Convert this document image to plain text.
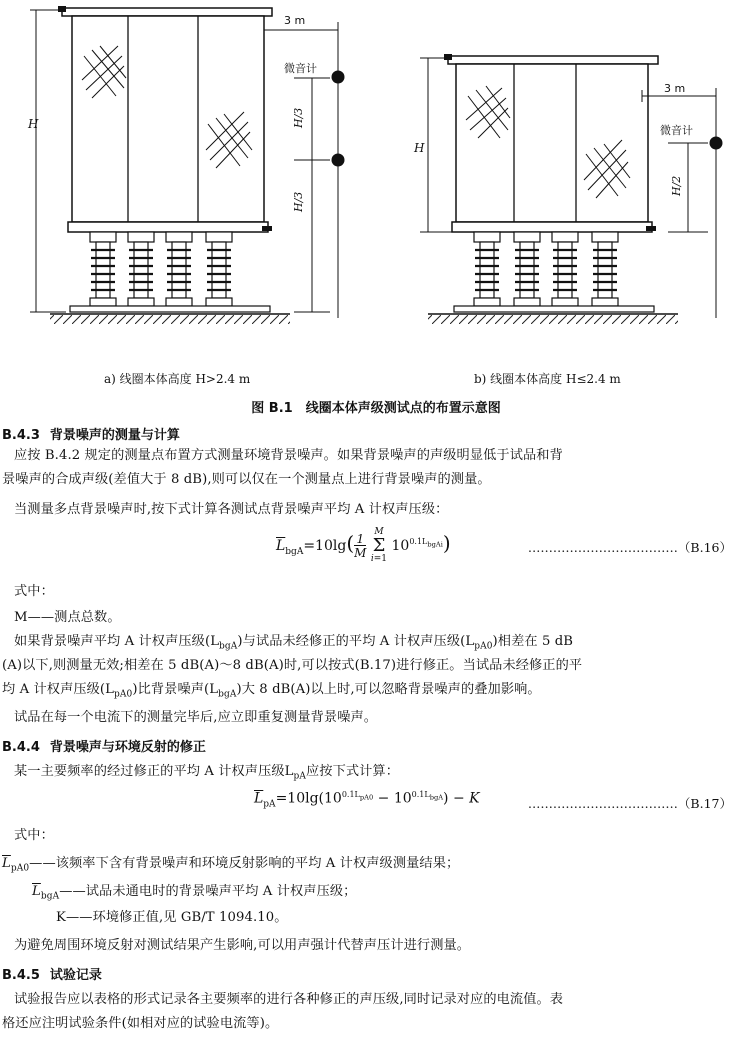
H
3 m
微音计
H/3
H/3
H
3 m
微音计
H/2
a) 线圈本体高度 H>2.4 m	b) 线圈本体高度 H≤2.4 m
图 B.1　线圈本体声级测试点的布置示意图
B.4.3 背景噪声的测量与计算
应按 B.4.2 规定的测量点布置方式测量环境背景噪声。如果背景噪声的声级明显低于试品和背
景噪声的合成声级(差值大于 8 dB),则可以仅在一个测量点上进行背景噪声的测量。
当测量多点背景噪声时,按下式计算各测试点背景噪声平均 A 计权声压级：
$\overline{L}_{bgA}=10\lg(\frac{1}{M}$ M
Σ
i=1 $10^{0.1L_{bgAi}}$)	………………………………（B.16）
式中：
M——测点总数。
如果背景噪声平均 A 计权声压级$(L_{bgA})$与试品未经修正的平均 A 计权声压级$(L_{pA0})$相差在 5 dB
(A)以下,则测量无效;相差在 5 dB(A)～8 dB(A)时,可以按式(B.17)进行修正。当试品未经修正的平
均 A 计权声压级$(L_{pA0})$比背景噪声$(L_{bgA})$大 8 dB(A)以上时,可以忽略背景噪声的叠加影响。
试品在每一个电流下的测量完毕后,应立即重复测量背景噪声。
B.4.4 背景噪声与环境反射的修正
某一主要频率的经过修正的平均 A 计权声压级$L_{pA}$应按下式计算：
$\overline{L}_{pA}=10\lg(10^{0.1L_{pA0}} - 10^{0.1L_{bgA}}) - K$	………………………………（B.17）
式中：
$\overline{L}_{pA0}——$该频率下含有背景噪声和环境反射影响的平均 A 计权声级测量结果；
$\overline{L}_{bgA}——$试品未通电时的背景噪声平均 A 计权声压级；
K——环境修正值,见 GB/T 1094.10。
为避免周围环境反射对测试结果产生影响,可以用声强计代替声压计进行测量。
B.4.5 试验记录
试验报告应以表格的形式记录各主要频率的进行各种修正的声压级,同时记录对应的电流值。表
格还应注明试验条件(如相对应的试验电流等)。
